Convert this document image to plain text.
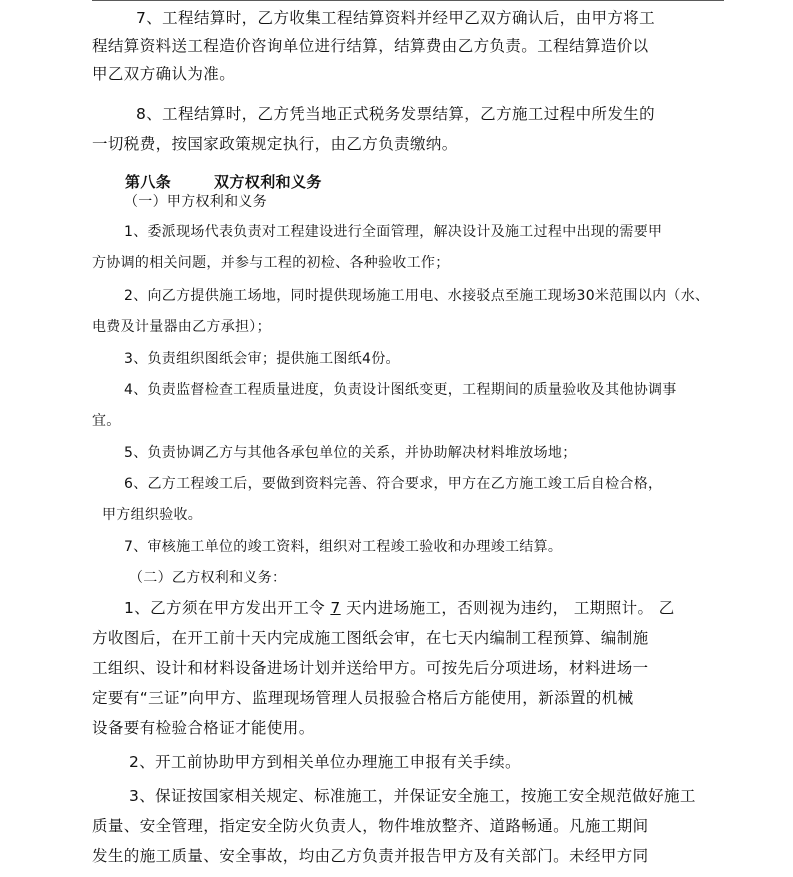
7、工程结算时，乙方收集工程结算资料并经甲乙双方确认后，由甲方将工
程结算资料送工程造价咨询单位进行结算，结算费由乙方负责。工程结算造价以
甲乙双方确认为准。
8、工程结算时，乙方凭当地正式税务发票结算，乙方施工过程中所发生的
一切税费，按国家政策规定执行，由乙方负责缴纳。
第八条	双方权利和义务
（一）甲方权利和义务
1、委派现场代表负责对工程建设进行全面管理，解决设计及施工过程中出现的需要甲
方协调的相关问题，并参与工程的初检、各种验收工作；
2、向乙方提供施工场地，同时提供现场施工用电、水接驳点至施工现场30米范围以内（水、
电费及计量器由乙方承担）；
3、负责组织图纸会审；提供施工图纸4份。
4、负责监督检查工程质量进度，负责设计图纸变更，工程期间的质量验收及其他协调事
宜。
5、负责协调乙方与其他各承包单位的关系，并协助解决材料堆放场地；
6、乙方工程竣工后，要做到资料完善、符合要求，甲方在乙方施工竣工后自检合格，
甲方组织验收。
7、审核施工单位的竣工资料，组织对工程竣工验收和办理竣工结算。
（二）乙方权利和义务：
1、乙方须在甲方发出开工令 7 天内进场施工，否则视为违约， 工期照计。 乙
方收图后，在开工前十天内完成施工图纸会审，在七天内编制工程预算、编制施
工组织、设计和材料设备进场计划并送给甲方。可按先后分项进场，材料进场一
定要有“三证”向甲方、监理现场管理人员报验合格后方能使用，新添置的机械
设备要有检验合格证才能使用。
2、开工前协助甲方到相关单位办理施工申报有关手续。
3、保证按国家相关规定、标准施工，并保证安全施工，按施工安全规范做好施工
质量、安全管理，指定安全防火负责人，物件堆放整齐、道路畅通。凡施工期间
发生的施工质量、安全事故，均由乙方负责并报告甲方及有关部门。未经甲方同
